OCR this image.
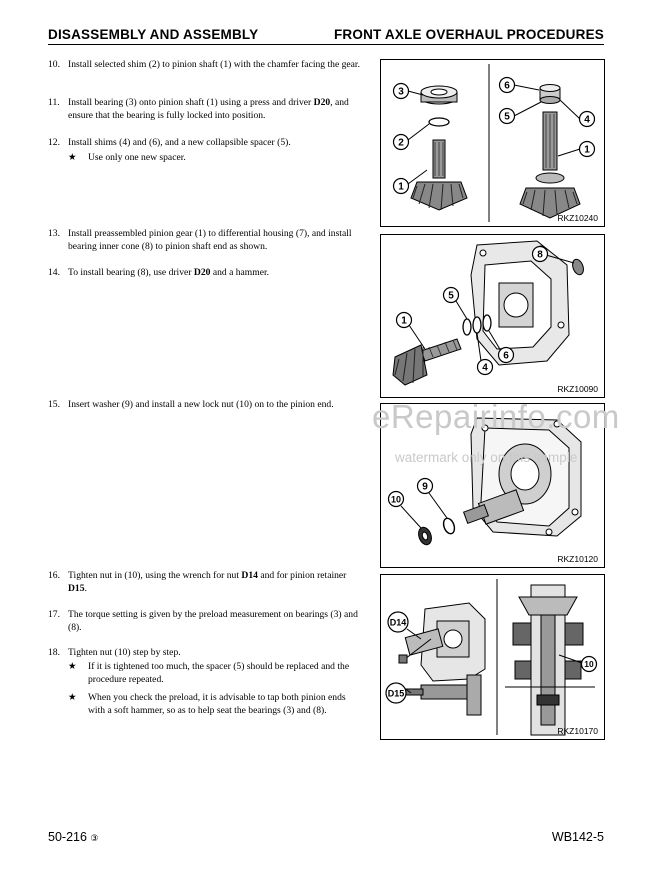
DISASSEMBLY AND ASSEMBLY	FRONT AXLE OVERHAUL PROCEDURES
10. Install selected shim (2) to pinion shaft (1) with the chamfer facing the gear.
11. Install bearing (3) onto pinion shaft (1) using a press and driver D20, and ensure that the bearing is fully locked into position.
12. Install shims (4) and (6), and a new collapsible spacer (5).
★ Use only one new spacer.
13. Install preassembled pinion gear (1) to differential housing (7), and install bearing inner cone (8) to pinion shaft end as shown.
14. To install bearing (8), use driver D20 and a hammer.
15. Insert washer (9) and install a new lock nut (10) on to the pinion end.
16. Tighten nut in (10), using the wrench for nut D14 and for pinion retainer D15.
17. The torque setting is given by the preload measurement on bearings (3) and (8).
18. Tighten nut (10) step by step.
★ If it is tightened too much, the spacer (5) should be replaced and the procedure repeated.
★ When you check the preload, it is advisable to tap both pinion ends with a soft hammer, so as to help seat the bearings (3) and (8).
3
2
1
6
5	4
1
RKZ10240
8
5
1
4
6
RKZ10090
9
10
RKZ10120
D14
D15
10
RKZ10170
eRepairinfo.com
watermark only on this sample
50-216 ③	WB142-5
